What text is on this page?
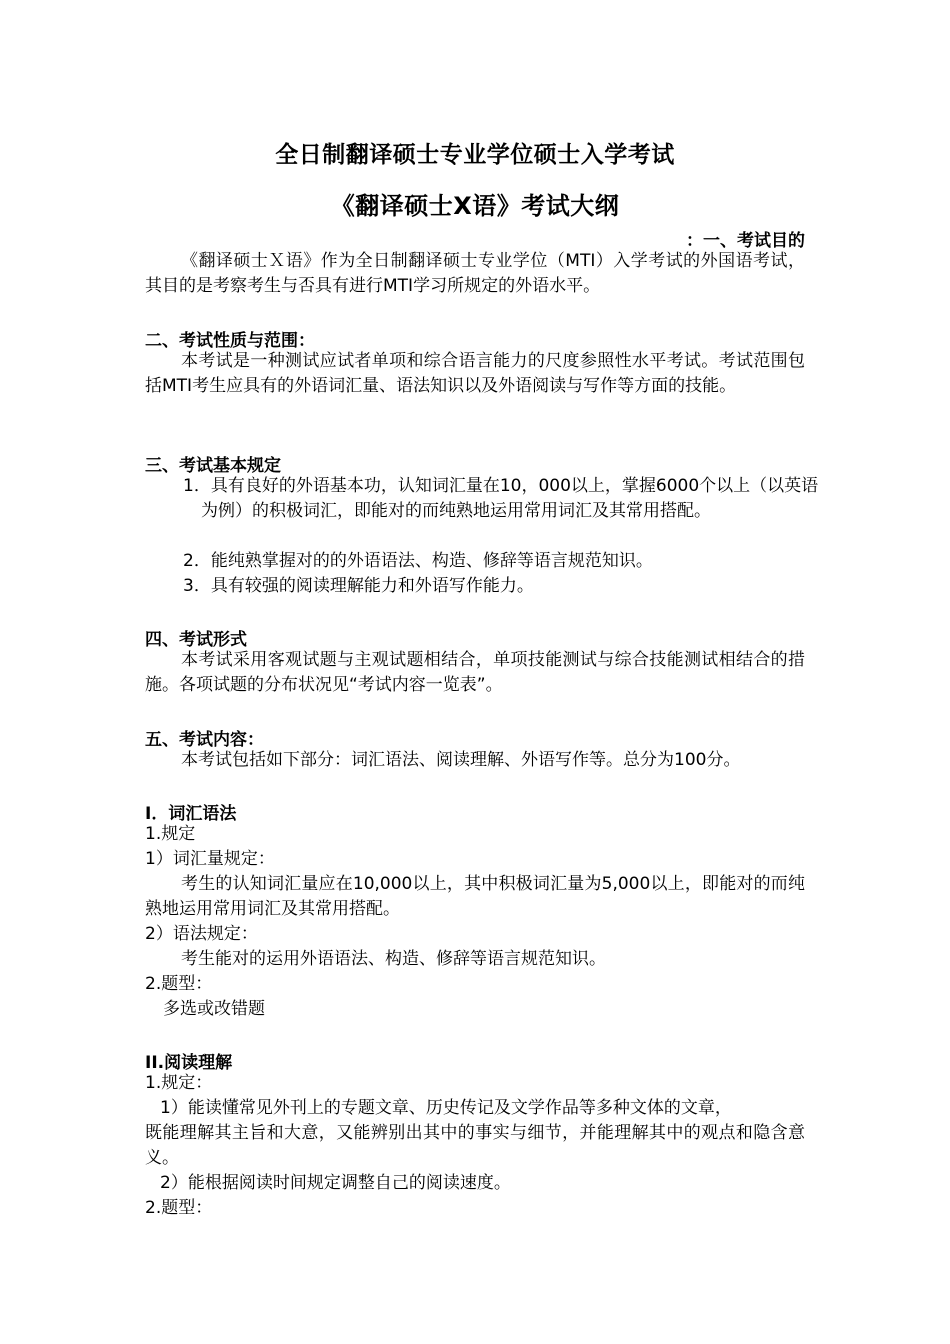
全日制翻译硕士专业学位硕士入学考试
《翻译硕士X语》考试大纲
：一、考试目的

《翻译硕士Ｘ语》作为全日制翻译硕士专业学位（MTI）入学考试的外国语考试，其目的是考察考生与否具有进行MTI学习所规定的外语水平。

二、考试性质与范围：

本考试是一种测试应试者单项和综合语言能力的尺度参照性水平考试。考试范围包括MTI考生应具有的外语词汇量、语法知识以及外语阅读与写作等方面的技能。

三、考试基本规定

1．具有良好的外语基本功，认知词汇量在10，000以上，掌握6000个以上（以英语为例）的积极词汇，即能对的而纯熟地运用常用词汇及其常用搭配。

2．能纯熟掌握对的的外语语法、构造、修辞等语言规范知识。

3．具有较强的阅读理解能力和外语写作能力。

四、考试形式

本考试采用客观试题与主观试题相结合，单项技能测试与综合技能测试相结合的措施。各项试题的分布状况见“考试内容一览表”。

五、考试内容：

本考试包括如下部分：词汇语法、阅读理解、外语写作等。总分为100分。

I．词汇语法
1.规定
1）词汇量规定：

考生的认知词汇量应在10,000以上，其中积极词汇量为5,000以上，即能对的而纯熟地运用常用词汇及其常用搭配。

2）语法规定：
考生能对的运用外语语法、构造、修辞等语言规范知识。
2.题型：
多选或改错题
II.阅读理解
1.规定：
1）能读懂常见外刊上的专题文章、历史传记及文学作品等多种文体的文章，

既能理解其主旨和大意，又能辨别出其中的事实与细节，并能理解其中的观点和隐含意义。

2）能根据阅读时间规定调整自己的阅读速度。
2.题型：
